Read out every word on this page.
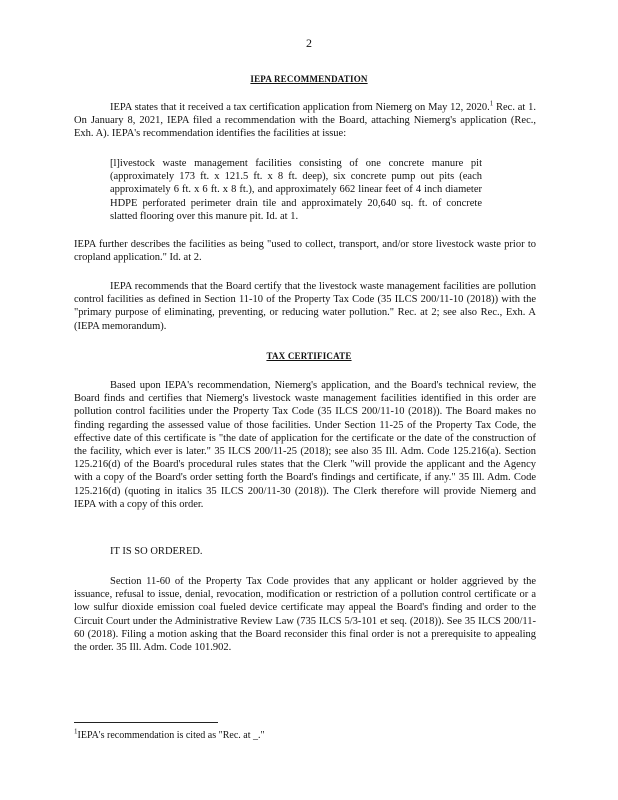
2
IEPA RECOMMENDATION

IEPA states that it received a tax certification application from Niemerg on May 12, 2020.$^1$ Rec. at 1. On January 8, 2021, IEPA filed a recommendation with the Board, attaching Niemerg's application (Rec., Exh. A). IEPA's recommendation identifies the facilities at issue:

[l]ivestock waste management facilities consisting of one concrete manure pit (approximately 173 ft. x 121.5 ft. x 8 ft. deep), six concrete pump out pits (each approximately 6 ft. x 6 ft. x 8 ft.), and approximately 662 linear feet of 4 inch diameter HDPE perforated perimeter drain tile and approximately 20,640 sq. ft. of concrete slatted flooring over this manure pit. Id. at 1.

IEPA further describes the facilities as being "used to collect, transport, and/or store livestock waste prior to cropland application." Id. at 2.

IEPA recommends that the Board certify that the livestock waste management facilities are pollution control facilities as defined in Section 11-10 of the Property Tax Code (35 ILCS 200/11-10 (2018)) with the "primary purpose of eliminating, preventing, or reducing water pollution." Rec. at 2; see also Rec., Exh. A (IEPA memorandum).

TAX CERTIFICATE

Based upon IEPA's recommendation, Niemerg's application, and the Board's technical review, the Board finds and certifies that Niemerg's livestock waste management facilities identified in this order are pollution control facilities under the Property Tax Code (35 ILCS 200/11-10 (2018)). The Board makes no finding regarding the assessed value of those facilities. Under Section 11-25 of the Property Tax Code, the effective date of this certificate is "the date of application for the certificate or the date of the construction of the facility, which ever is later." 35 ILCS 200/11-25 (2018); see also 35 Ill. Adm. Code 125.216(a). Section 125.216(d) of the Board's procedural rules states that the Clerk "will provide the applicant and the Agency with a copy of the Board's order setting forth the Board's findings and certificate, if any." 35 Ill. Adm. Code 125.216(d) (quoting in italics 35 ILCS 200/11-30 (2018)). The Clerk therefore will provide Niemerg and IEPA with a copy of this order.

IT IS SO ORDERED.

Section 11-60 of the Property Tax Code provides that any applicant or holder aggrieved by the issuance, refusal to issue, denial, revocation, modification or restriction of a pollution control certificate or a low sulfur dioxide emission coal fueled device certificate may appeal the Board's finding and order to the Circuit Court under the Administrative Review Law (735 ILCS 5/3-101 et seq. (2018)). See 35 ILCS 200/11-60 (2018). Filing a motion asking that the Board reconsider this final order is not a prerequisite to appealing the order. 35 Ill. Adm. Code 101.902.

$^1$IEPA's recommendation is cited as "Rec. at _."
